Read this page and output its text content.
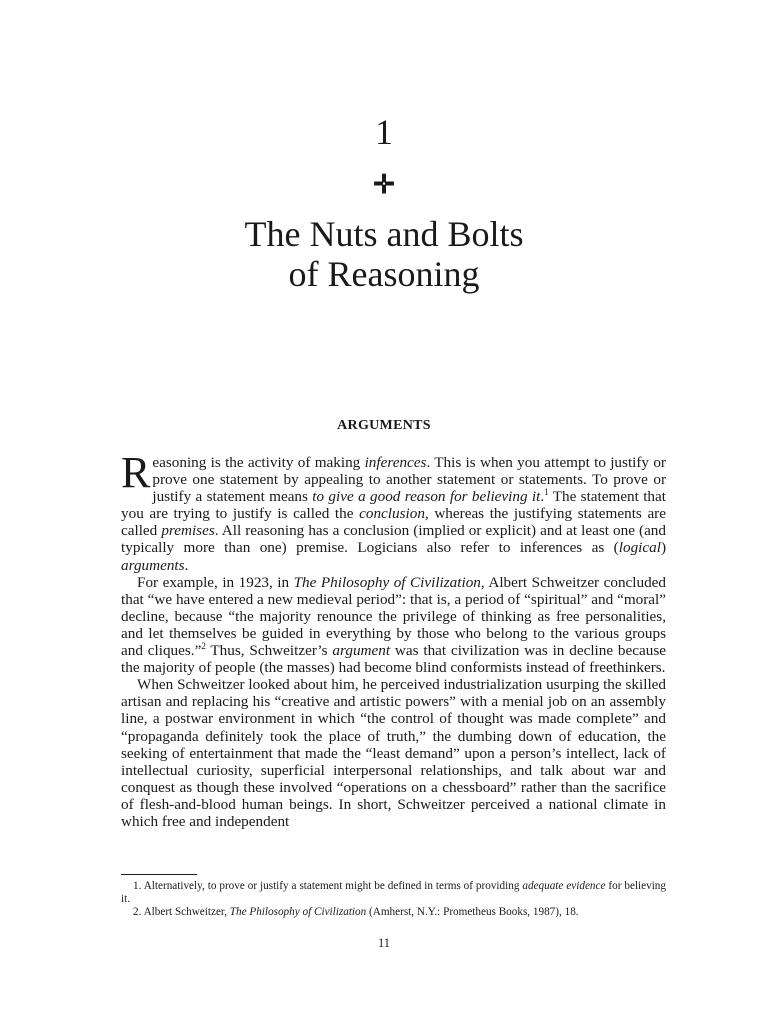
1
✛
The Nuts and Bolts
of Reasoning
ARGUMENTS

Reasoning is the activity of making inferences. This is when you attempt to justify or prove one statement by appealing to another statement or statements. To prove or justify a statement means to give a good reason for believing it.$^1$ The statement that you are trying to justify is called the conclusion, whereas the justifying statements are called premises. All reasoning has a conclusion (implied or explicit) and at least one (and typically more than one) premise. Logicians also refer to inferences as (logical) arguments.

For example, in 1923, in The Philosophy of Civilization, Albert Schweitzer concluded that “we have entered a new medieval period”: that is, a period of “spiritual” and “moral” decline, because “the majority renounce the privilege of thinking as free personalities, and let themselves be guided in everything by those who belong to the various groups and cliques.”$^2$ Thus, Schweitzer’s argument was that civilization was in decline because the majority of people (the masses) had become blind conformists instead of freethinkers.

When Schweitzer looked about him, he perceived industrialization usurping the skilled artisan and replacing his “creative and artistic powers” with a menial job on an assembly line, a postwar environment in which “the control of thought was made complete” and “propaganda definitely took the place of truth,” the dumbing down of education, the seeking of entertainment that made the “least demand” upon a person’s intellect, lack of intellectual curiosity, superficial interpersonal relationships, and talk about war and conquest as though these involved “operations on a chessboard” rather than the sacrifice of flesh-and-blood human beings. In short, Schweitzer perceived a national climate in which free and independent

1. Alternatively, to prove or justify a statement might be defined in terms of providing adequate evidence for believing it.

2. Albert Schweitzer, The Philosophy of Civilization (Amherst, N.Y.: Prometheus Books, 1987), 18.

11
